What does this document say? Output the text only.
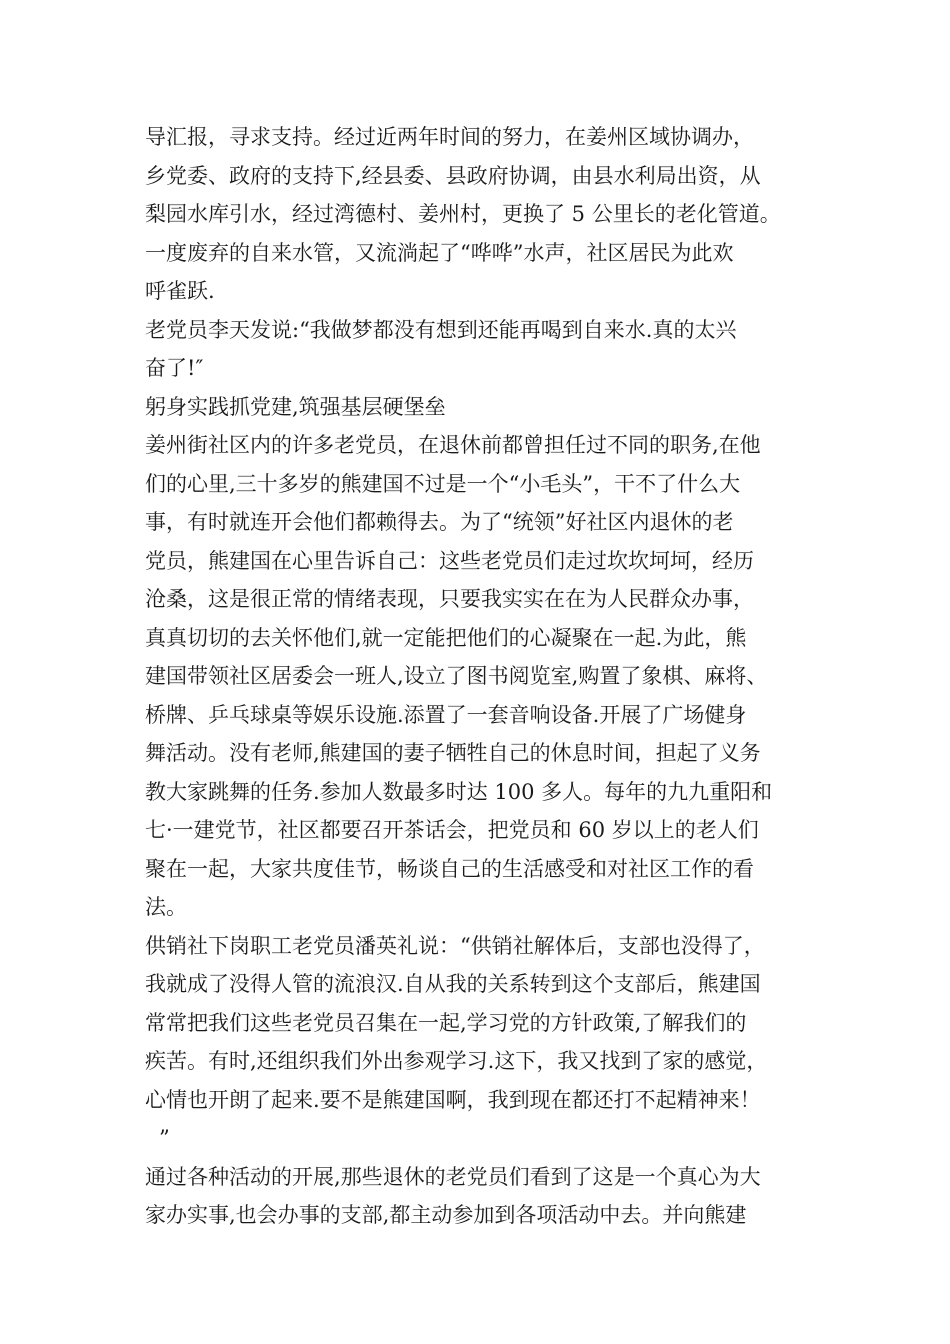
导汇报，寻求支持。经过近两年时间的努力，在姜州区域协调办，
乡党委、政府的支持下,经县委、县政府协调，由县水利局出资，从
梨园水库引水，经过湾德村、姜州村，更换了 5 公里长的老化管道。
一度废弃的自来水管，又流淌起了“哗哗”水声，社区居民为此欢
呼雀跃.
老党员李天发说:“我做梦都没有想到还能再喝到自来水.真的太兴
奋了!″
躬身实践抓党建,筑强基层硬堡垒
姜州街社区内的许多老党员，在退休前都曾担任过不同的职务,在他
们的心里,三十多岁的熊建国不过是一个“小毛头”，干不了什么大
事，有时就连开会他们都赖得去。为了“统领”好社区内退休的老
党员，熊建国在心里告诉自己：这些老党员们走过坎坎坷坷，经历
沧桑，这是很正常的情绪表现，只要我实实在在为人民群众办事，
真真切切的去关怀他们,就一定能把他们的心凝聚在一起.为此，熊
建国带领社区居委会一班人,设立了图书阅览室,购置了象棋、麻将、
桥牌、乒乓球桌等娱乐设施.添置了一套音响设备.开展了广场健身
舞活动。没有老师,熊建国的妻子牺牲自己的休息时间，担起了义务
教大家跳舞的任务.参加人数最多时达 100 多人。每年的九九重阳和
七·一建党节，社区都要召开茶话会，把党员和 60 岁以上的老人们
聚在一起，大家共度佳节，畅谈自己的生活感受和对社区工作的看
法。
供销社下岗职工老党员潘英礼说：“供销社解体后，支部也没得了，
我就成了没得人管的流浪汉.自从我的关系转到这个支部后，熊建国
常常把我们这些老党员召集在一起,学习党的方针政策,了解我们的
疾苦。有时,还组织我们外出参观学习.这下，我又找到了家的感觉，
心情也开朗了起来.要不是熊建国啊，我到现在都还打不起精神来！
”
通过各种活动的开展,那些退休的老党员们看到了这是一个真心为大
家办实事,也会办事的支部,都主动参加到各项活动中去。并向熊建
